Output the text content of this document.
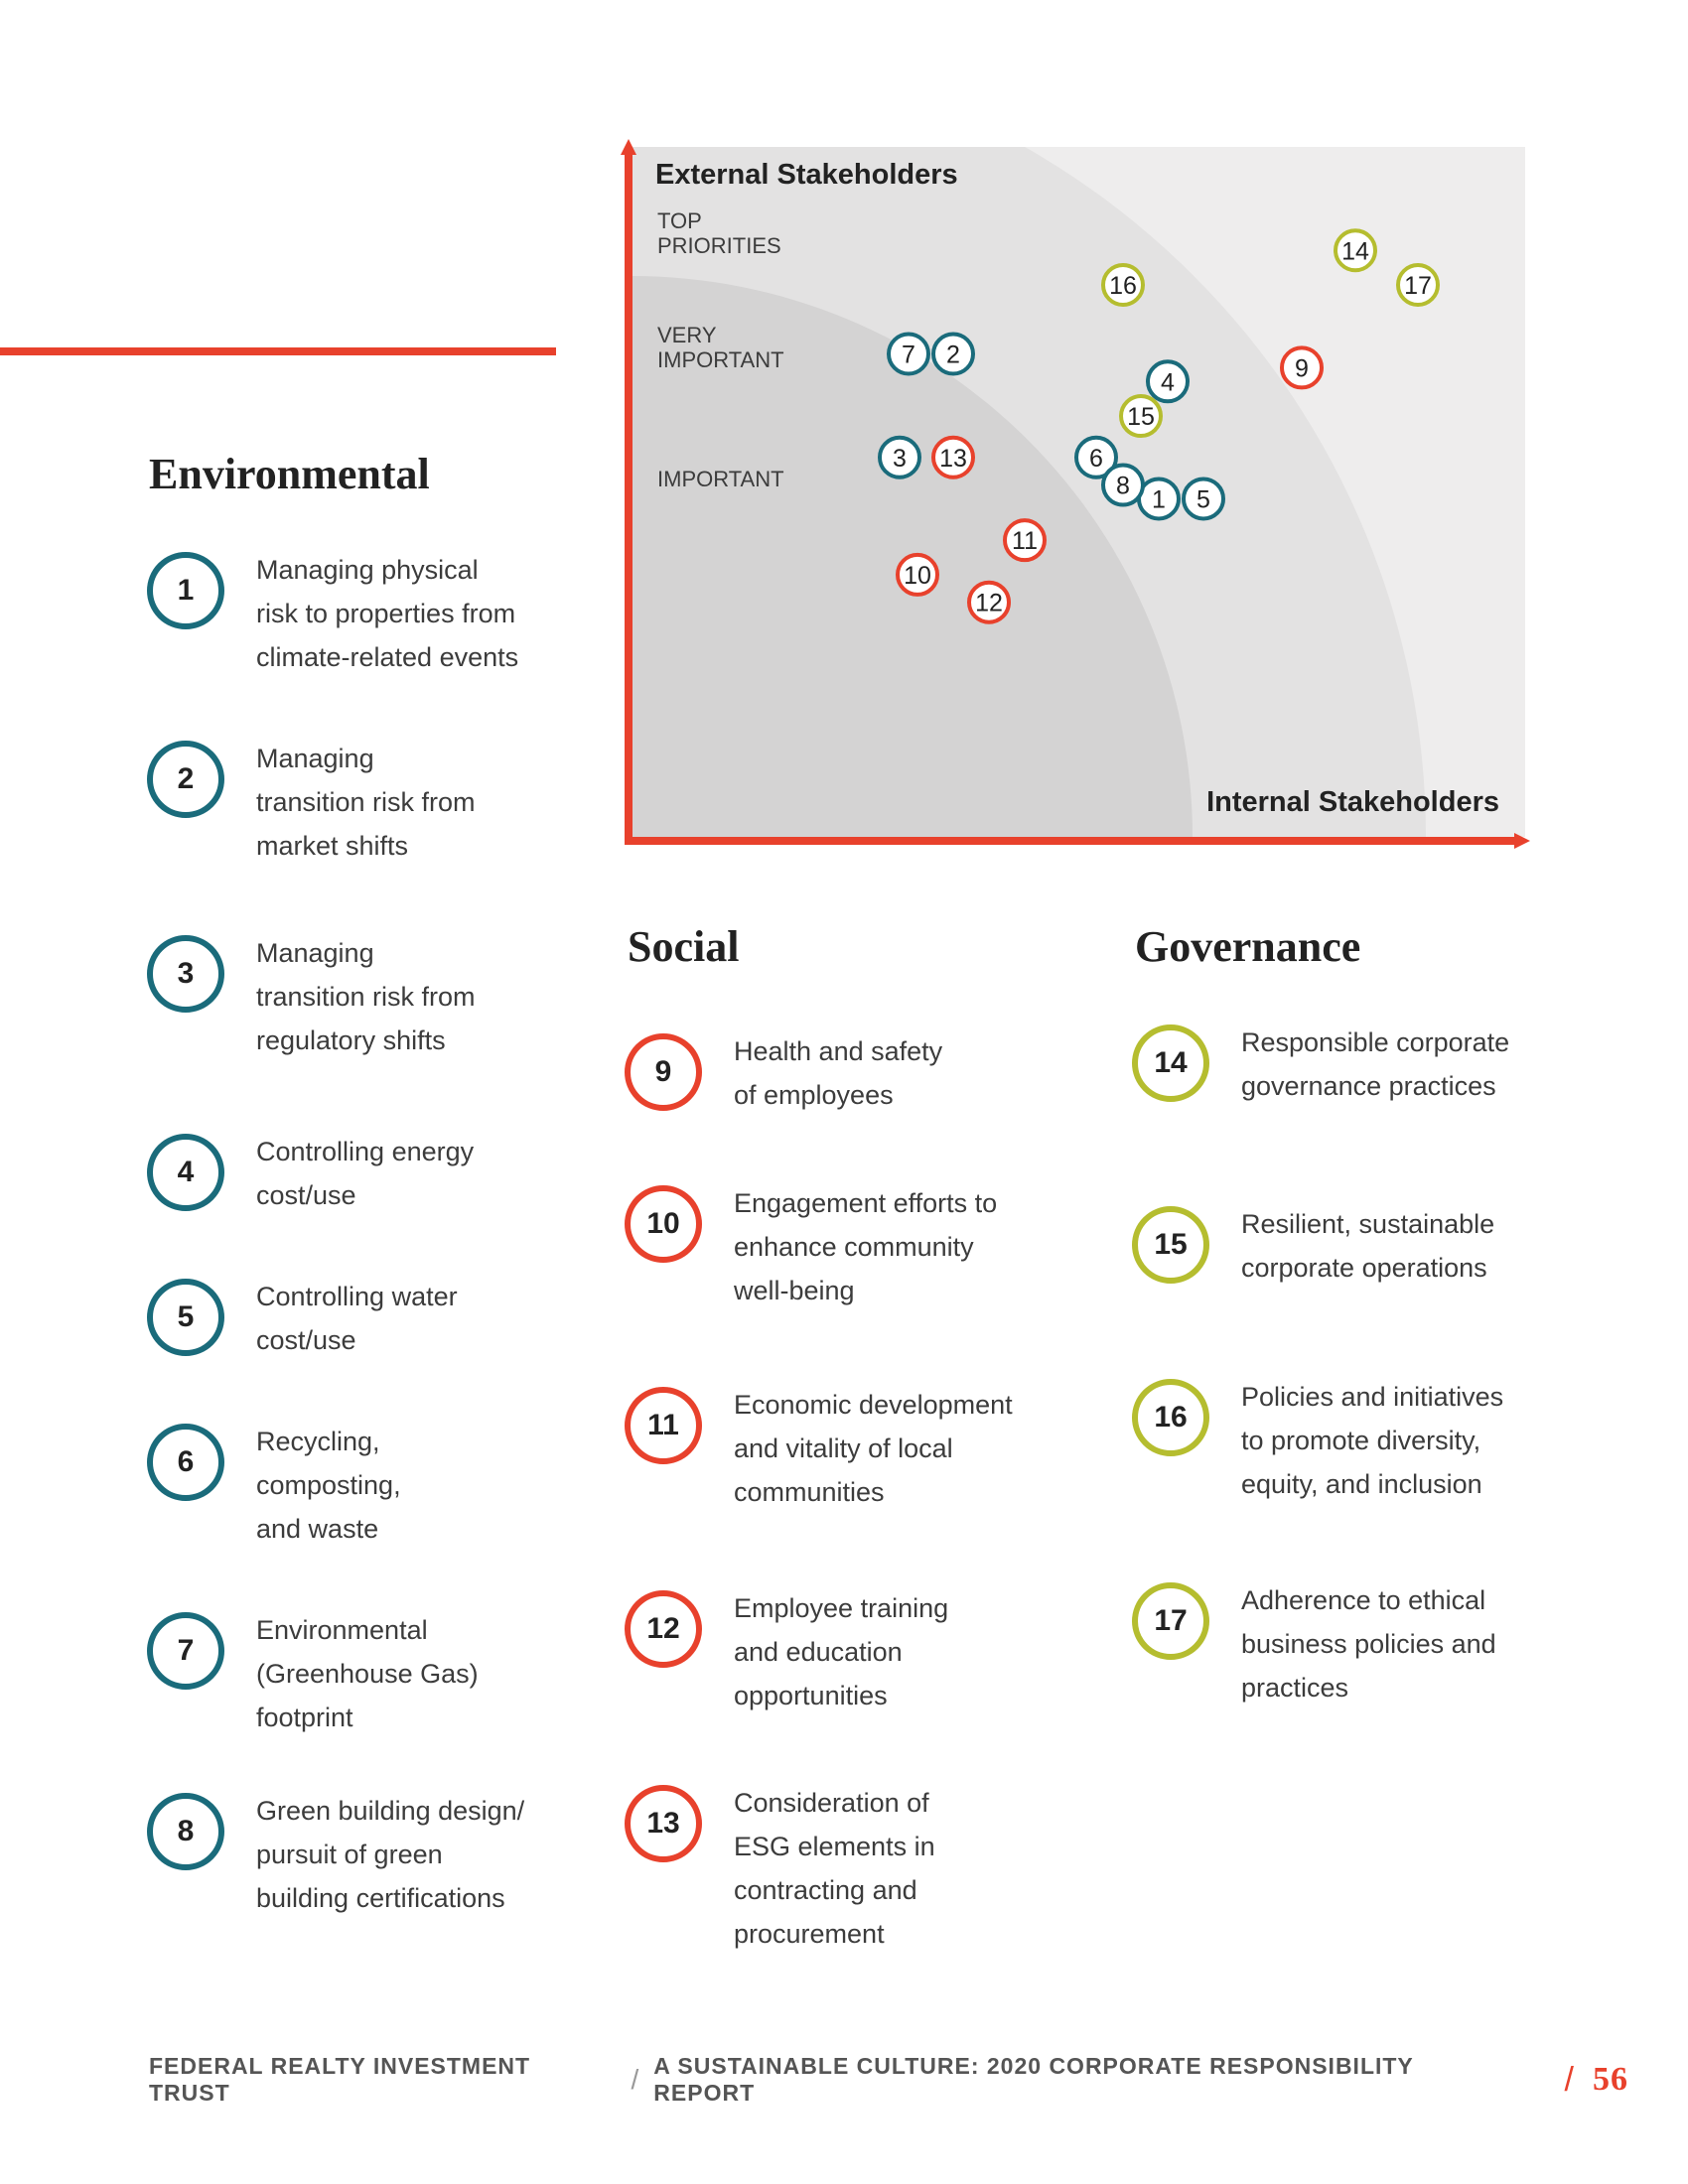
External Stakeholders
Internal Stakeholders
TOP PRIORITIES
VERY IMPORTANT
IMPORTANT
1
2
3
4
5
6
7
8
9
10
11
12
13
14
15
16	17
Environmental
Social	Governance
1
Managing physical
risk to properties from
climate-related events
2
Managing
transition risk from
market shifts
3
Managing
transition risk from
regulatory shifts
4
Controlling energy
cost/use
5
Controlling water
cost/use
6
Recycling,
composting,
and waste
7
Environmental
(Greenhouse Gas)
footprint
8
Green building design/
pursuit of green
building certifications
9
Health and safety
of employees
10
Engagement efforts to
enhance community
well-being
11
Economic development
and vitality of local
communities
12
Employee training
and education
opportunities
13
Consideration of
ESG elements in
contracting and
procurement
14
Responsible corporate
governance practices
15
Resilient, sustainable
corporate operations
16
Policies and initiatives
to promote diversity,
equity, and inclusion
17
Adherence to ethical
business policies and
practices
FEDERAL REALTY INVESTMENT TRUST	/ A SUSTAINABLE CULTURE: 2020 CORPORATE RESPONSIBILITY REPORT	/ 56
